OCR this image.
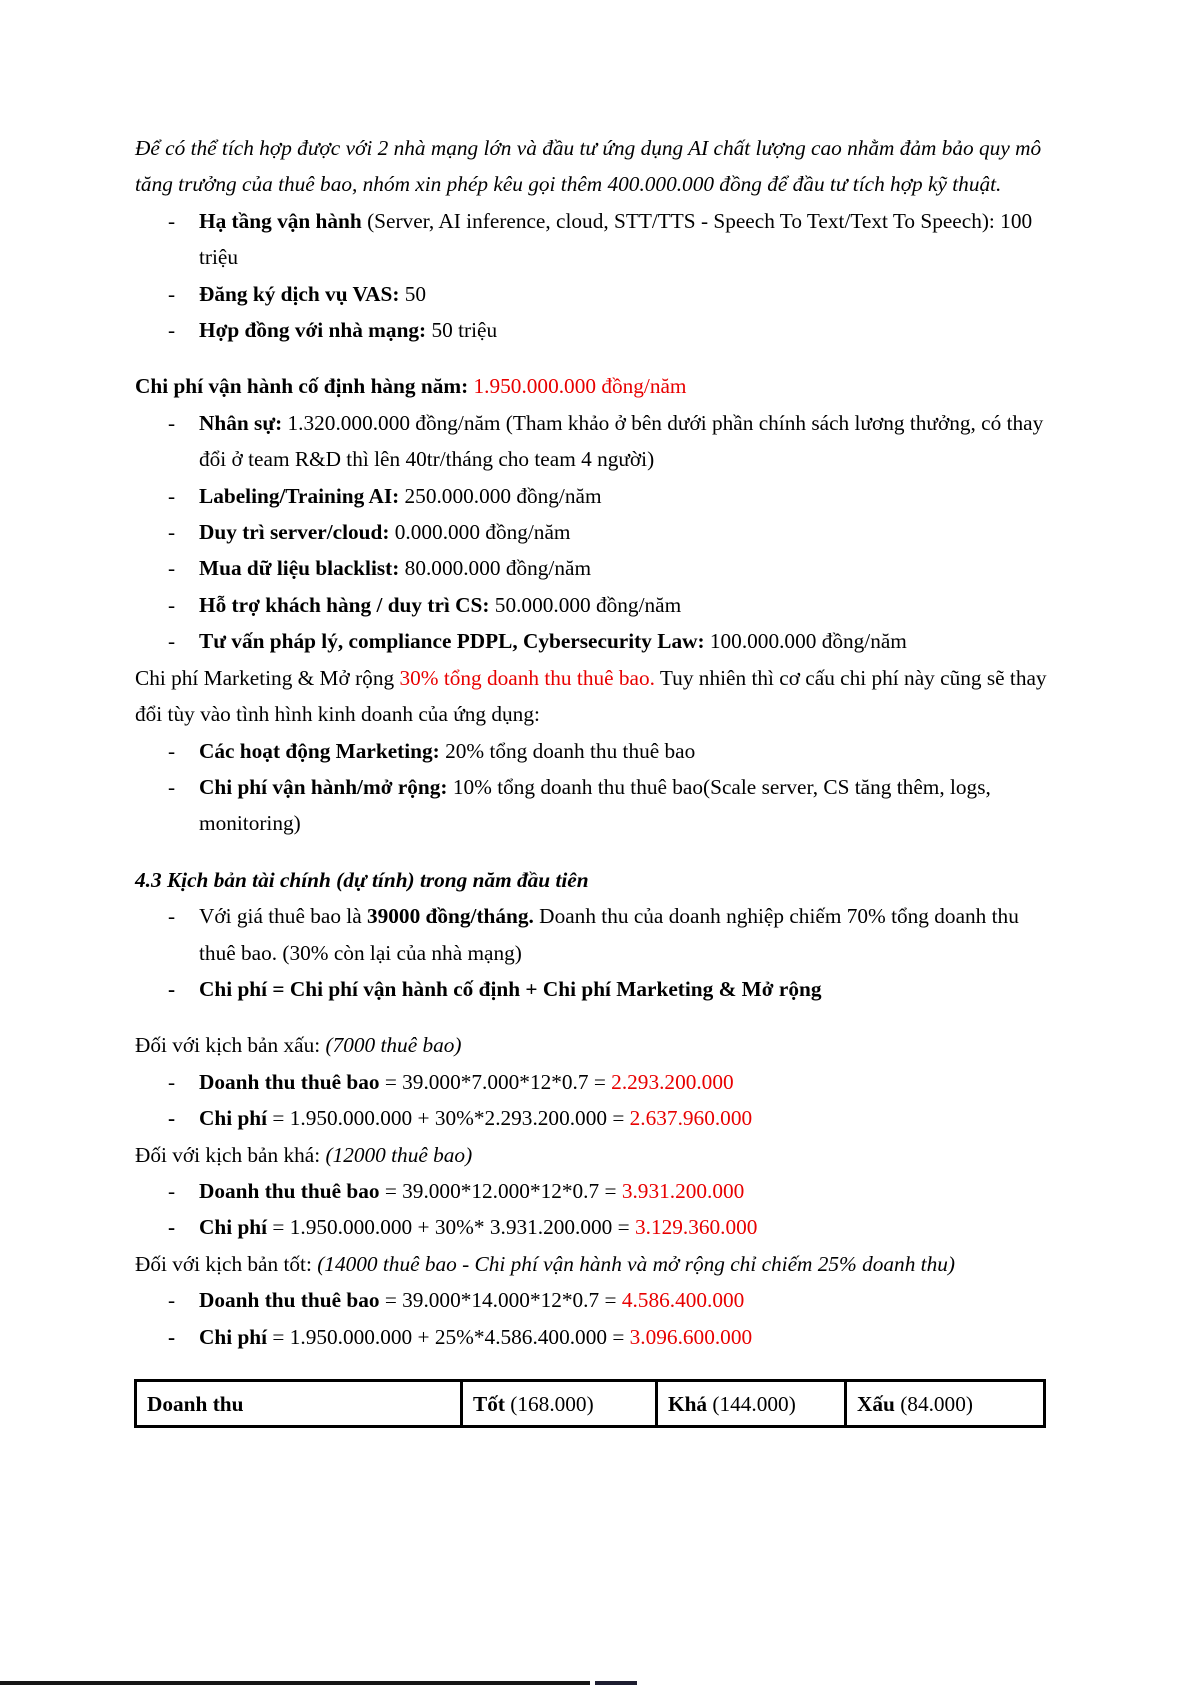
Để có thể tích hợp được với 2 nhà mạng lớn và đầu tư ứng dụng AI chất lượng cao nhằm đảm bảo quy mô tăng trưởng của thuê bao, nhóm xin phép kêu gọi thêm 400.000.000 đồng để đầu tư tích hợp kỹ thuật.

- Hạ tầng vận hành (Server, AI inference, cloud, STT/TTS - Speech To Text/Text To Speech): 100 triệu
- Đăng ký dịch vụ VAS: 50
- Hợp đồng với nhà mạng: 50 triệu

Chi phí vận hành cố định hàng năm: 1.950.000.000 đồng/năm

- Nhân sự: 1.320.000.000 đồng/năm (Tham khảo ở bên dưới phần chính sách lương thưởng, có thay đổi ở team R&D thì lên 40tr/tháng cho team 4 người)
- Labeling/Training AI: 250.000.000 đồng/năm
- Duy trì server/cloud: 0.000.000 đồng/năm
- Mua dữ liệu blacklist: 80.000.000 đồng/năm
- Hỗ trợ khách hàng / duy trì CS: 50.000.000 đồng/năm
- Tư vấn pháp lý, compliance PDPL, Cybersecurity Law: 100.000.000 đồng/năm

Chi phí Marketing & Mở rộng 30% tổng doanh thu thuê bao. Tuy nhiên thì cơ cấu chi phí này cũng sẽ thay đổi tùy vào tình hình kinh doanh của ứng dụng:

- Các hoạt động Marketing: 20% tổng doanh thu thuê bao
- Chi phí vận hành/mở rộng: 10% tổng doanh thu thuê bao(Scale server, CS tăng thêm, logs, monitoring)

4.3 Kịch bản tài chính (dự tính) trong năm đầu tiên

- Với giá thuê bao là 39000 đồng/tháng. Doanh thu của doanh nghiệp chiếm 70% tổng doanh thu thuê bao. (30% còn lại của nhà mạng)
- Chi phí = Chi phí vận hành cố định + Chi phí Marketing & Mở rộng

Đối với kịch bản xấu: (7000 thuê bao)

- Doanh thu thuê bao = 39.000*7.000*12*0.7 = 2.293.200.000
- Chi phí = 1.950.000.000 + 30%*2.293.200.000 = 2.637.960.000

Đối với kịch bản khá: (12000 thuê bao)

- Doanh thu thuê bao = 39.000*12.000*12*0.7 = 3.931.200.000
- Chi phí = 1.950.000.000 + 30%* 3.931.200.000 = 3.129.360.000

Đối với kịch bản tốt: (14000 thuê bao - Chi phí vận hành và mở rộng chỉ chiếm 25% doanh thu)

- Doanh thu thuê bao = 39.000*14.000*12*0.7 = 4.586.400.000
- Chi phí = 1.950.000.000 + 25%*4.586.400.000 = 3.096.600.000
Doanh thu	Tốt (168.000)	Khá (144.000)	Xấu (84.000)
